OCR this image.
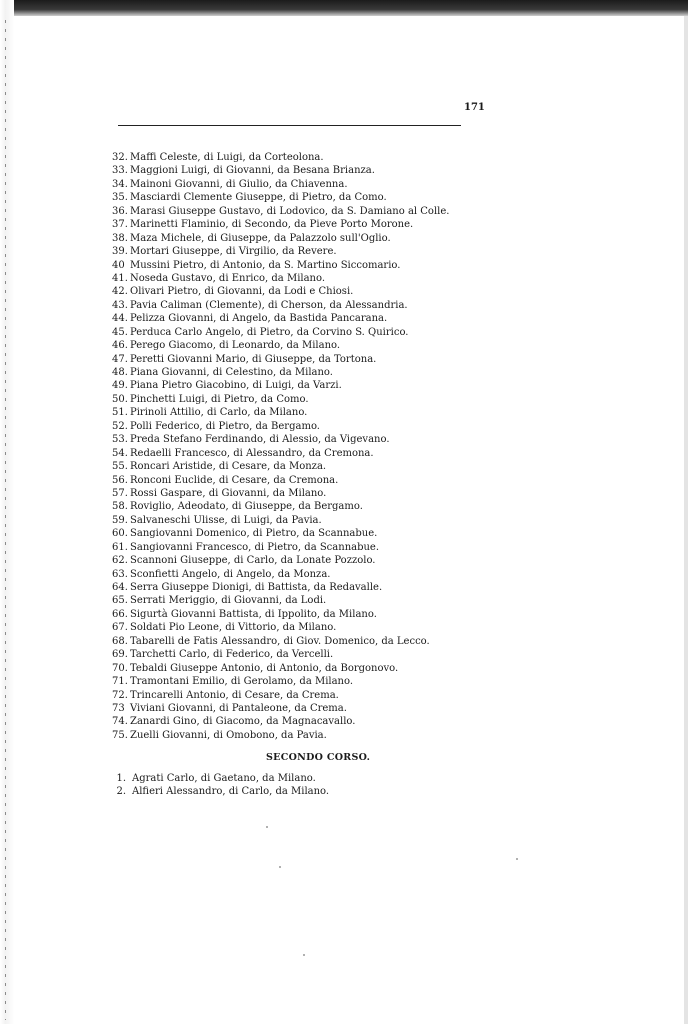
171
32. Maffi Celeste, di Luigi, da Corteolona.
33. Maggioni Luigi, di Giovanni, da Besana Brianza.
34. Mainoni Giovanni, di Giulio, da Chiavenna.
35. Masciardi Clemente Giuseppe, di Pietro, da Como.
36. Marasi Giuseppe Gustavo, di Lodovico, da S. Damiano al Colle.
37. Marinetti Flaminio, di Secondo, da Pieve Porto Morone.
38. Maza Michele, di Giuseppe, da Palazzolo sull'Oglio.
39. Mortari Giuseppe, di Virgilio, da Revere.
40 Mussini Pietro, di Antonio, da S. Martino Siccomario.
41. Noseda Gustavo, di Enrico, da Milano.
42. Olivari Pietro, di Giovanni, da Lodi e Chiosi.
43. Pavia Caliman (Clemente), di Cherson, da Alessandria.
44. Pelizza Giovanni, di Angelo, da Bastida Pancarana.
45. Perduca Carlo Angelo, di Pietro, da Corvino S. Quirico.
46. Perego Giacomo, di Leonardo, da Milano.
47. Peretti Giovanni Mario, di Giuseppe, da Tortona.
48. Piana Giovanni, di Celestino, da Milano.
49. Piana Pietro Giacobino, di Luigi, da Varzi.
50. Pinchetti Luigi, di Pietro, da Como.
51. Pirinoli Attilio, di Carlo, da Milano.
52. Polli Federico, di Pietro, da Bergamo.
53. Preda Stefano Ferdinando, di Alessio, da Vigevano.
54. Redaelli Francesco, di Alessandro, da Cremona.
55. Roncari Aristide, di Cesare, da Monza.
56. Ronconi Euclide, di Cesare, da Cremona.
57. Rossi Gaspare, di Giovanni, da Milano.
58. Roviglio, Adeodato, di Giuseppe, da Bergamo.
59. Salvaneschi Ulisse, di Luigi, da Pavia.
60. Sangiovanni Domenico, di Pietro, da Scannabue.
61. Sangiovanni Francesco, di Pietro, da Scannabue.
62. Scannoni Giuseppe, di Carlo, da Lonate Pozzolo.
63. Sconfietti Angelo, di Angelo, da Monza.
64. Serra Giuseppe Dionigi, di Battista, da Redavalle.
65. Serrati Meriggio, di Giovanni, da Lodi.
66. Sigurtà Giovanni Battista, di Ippolito, da Milano.
67. Soldati Pio Leone, di Vittorio, da Milano.
68. Tabarelli de Fatis Alessandro, di Giov. Domenico, da Lecco.
69. Tarchetti Carlo, di Federico, da Vercelli.
70. Tebaldi Giuseppe Antonio, di Antonio, da Borgonovo.
71. Tramontani Emilio, di Gerolamo, da Milano.
72. Trincarelli Antonio, di Cesare, da Crema.
73 Viviani Giovanni, di Pantaleone, da Crema.
74. Zanardi Gino, di Giacomo, da Magnacavallo.
75. Zuelli Giovanni, di Omobono, da Pavia.
SECONDO CORSO.
1. Agrati Carlo, di Gaetano, da Milano.
2. Alfieri Alessandro, di Carlo, da Milano.
